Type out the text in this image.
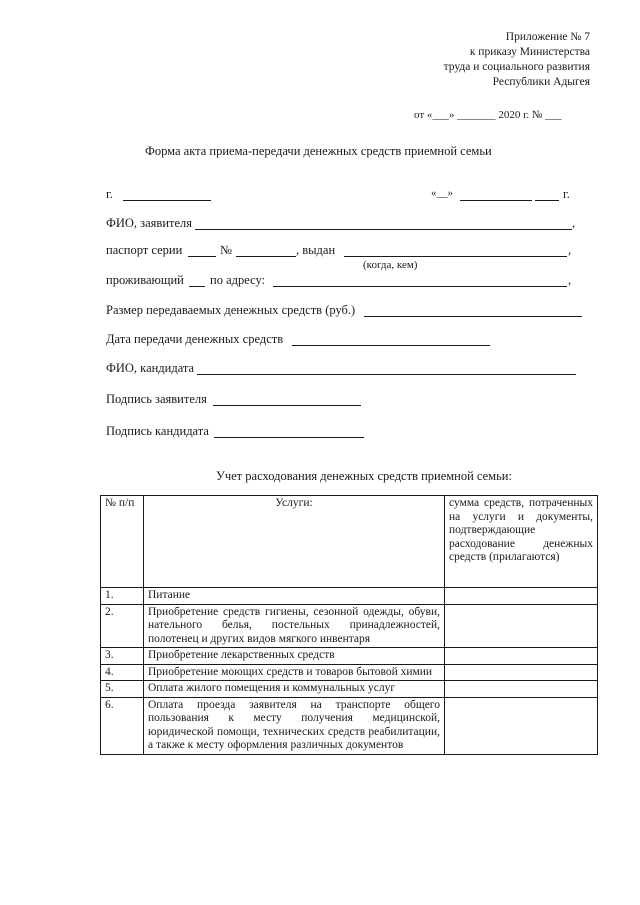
Приложение № 7
к приказу Министерства
труда и социального развития
Республики Адыгея
от «___» _______ 2020 г. № ___
Форма акта приема-передачи денежных средств приемной семьи
г.	«__»	г.
ФИО, заявителя	,
паспорт серии	№	, выдан	,
(когда, кем)
проживающий по адресу:	,
Размер передаваемых денежных средств (руб.)
Дата передачи денежных средств
ФИО, кандидата
Подпись заявителя
Подпись кандидата
Учет расходования денежных средств приемной семьи:
№ п/п	Услуги:	сумма средств, потраченных на услуги и документы, подтверждающие расходование денежных средств (прилагаются)
1.	Питание	
2.	Приобретение средств гигиены, сезонной одежды, обуви, нательного белья, постельных принадлежностей, полотенец и других видов мягкого инвентаря	
3.	Приобретение лекарственных средств	
4.	Приобретение моющих средств и товаров бытовой химии	
5.	Оплата жилого помещения и коммунальных услуг	
6.	Оплата проезда заявителя на транспорте общего пользования к месту получения медицинской, юридической помощи, технических средств реабилитации, а также к месту оформления различных документов	
